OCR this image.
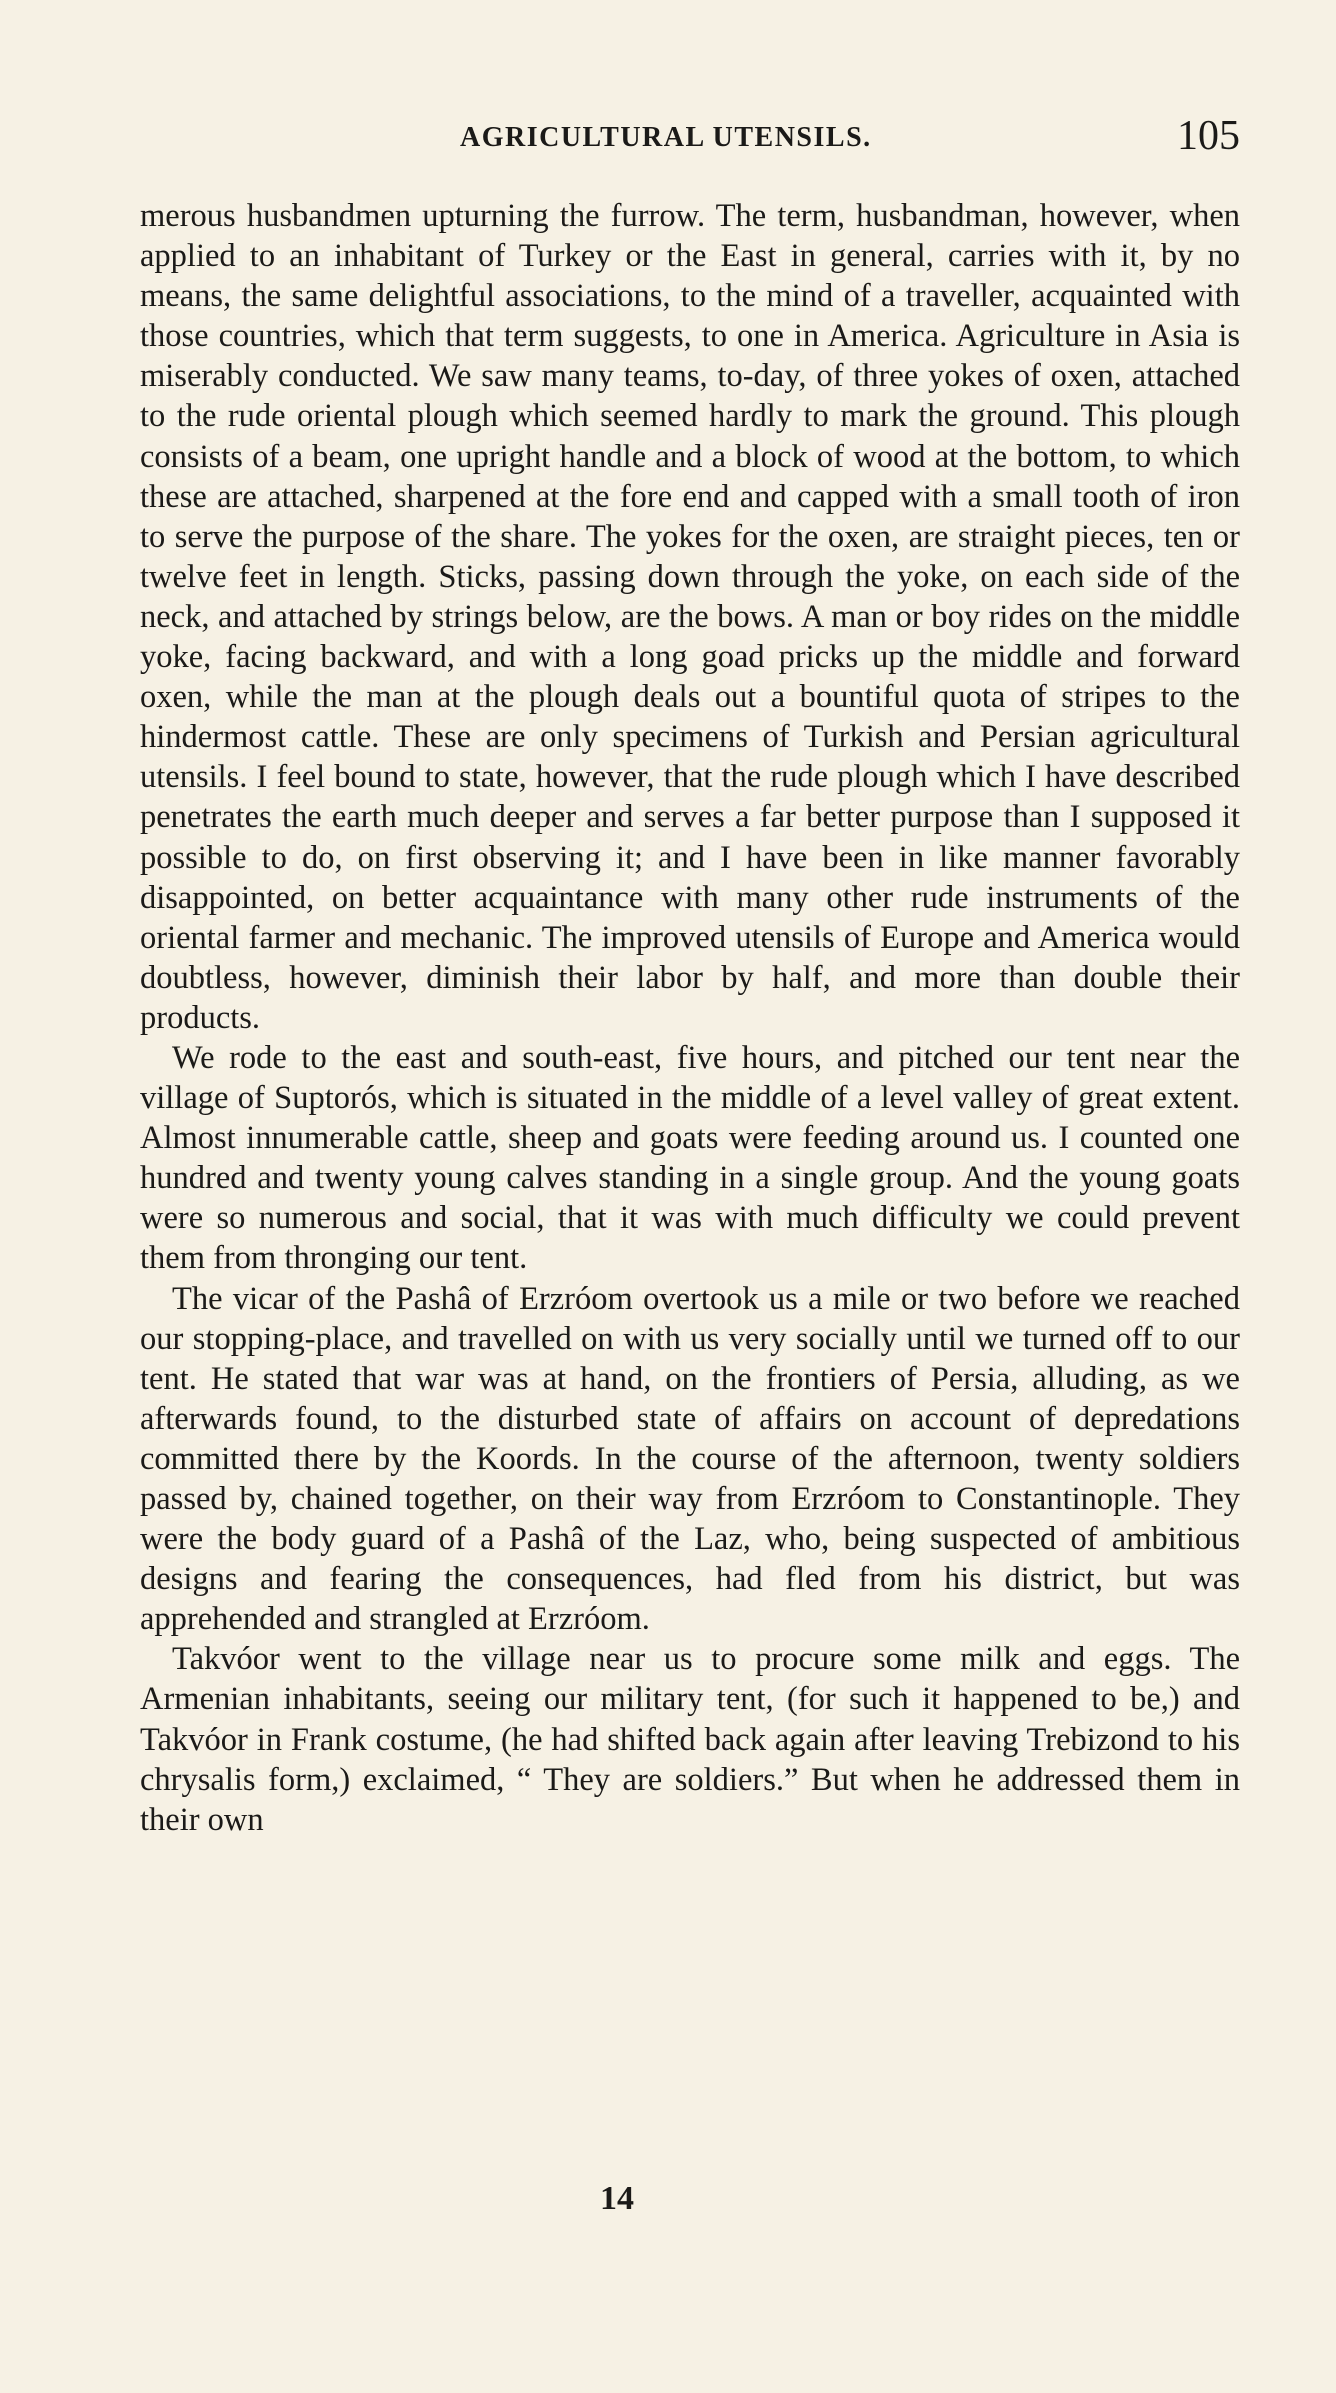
AGRICULTURAL UTENSILS.	105

merous husbandmen upturning the furrow. The term, husbandman, however, when applied to an inhabitant of Turkey or the East in general, carries with it, by no means, the same delightful associations, to the mind of a traveller, acquainted with those countries, which that term suggests, to one in America. Agriculture in Asia is miserably conducted. We saw many teams, to-day, of three yokes of oxen, attached to the rude oriental plough which seemed hardly to mark the ground. This plough consists of a beam, one upright handle and a block of wood at the bottom, to which these are attached, sharpened at the fore end and capped with a small tooth of iron to serve the purpose of the share. The yokes for the oxen, are straight pieces, ten or twelve feet in length. Sticks, passing down through the yoke, on each side of the neck, and attached by strings below, are the bows. A man or boy rides on the middle yoke, facing backward, and with a long goad pricks up the middle and forward oxen, while the man at the plough deals out a bountiful quota of stripes to the hindermost cattle. These are only specimens of Turkish and Persian agricultural utensils. I feel bound to state, however, that the rude plough which I have described penetrates the earth much deeper and serves a far better purpose than I supposed it possible to do, on first observing it; and I have been in like manner favorably disappointed, on better acquaintance with many other rude instruments of the oriental farmer and mechanic. The improved utensils of Europe and America would doubtless, however, diminish their labor by half, and more than double their products.

We rode to the east and south-east, five hours, and pitched our tent near the village of Suptorós, which is situated in the middle of a level valley of great extent. Almost innumerable cattle, sheep and goats were feeding around us. I counted one hundred and twenty young calves standing in a single group. And the young goats were so numerous and social, that it was with much difficulty we could prevent them from thronging our tent.

The vicar of the Pashâ of Erzróom overtook us a mile or two before we reached our stopping-place, and travelled on with us very socially until we turned off to our tent. He stated that war was at hand, on the frontiers of Persia, alluding, as we afterwards found, to the disturbed state of affairs on account of depredations committed there by the Koords. In the course of the afternoon, twenty soldiers passed by, chained together, on their way from Erzróom to Constantinople. They were the body guard of a Pashâ of the Laz, who, being suspected of ambitious designs and fearing the consequences, had fled from his district, but was apprehended and strangled at Erzróom.

Takvóor went to the village near us to procure some milk and eggs. The Armenian inhabitants, seeing our military tent, (for such it happened to be,) and Takvóor in Frank costume, (he had shifted back again after leaving Trebizond to his chrysalis form,) exclaimed, “ They are soldiers.” But when he addressed them in their own

14
